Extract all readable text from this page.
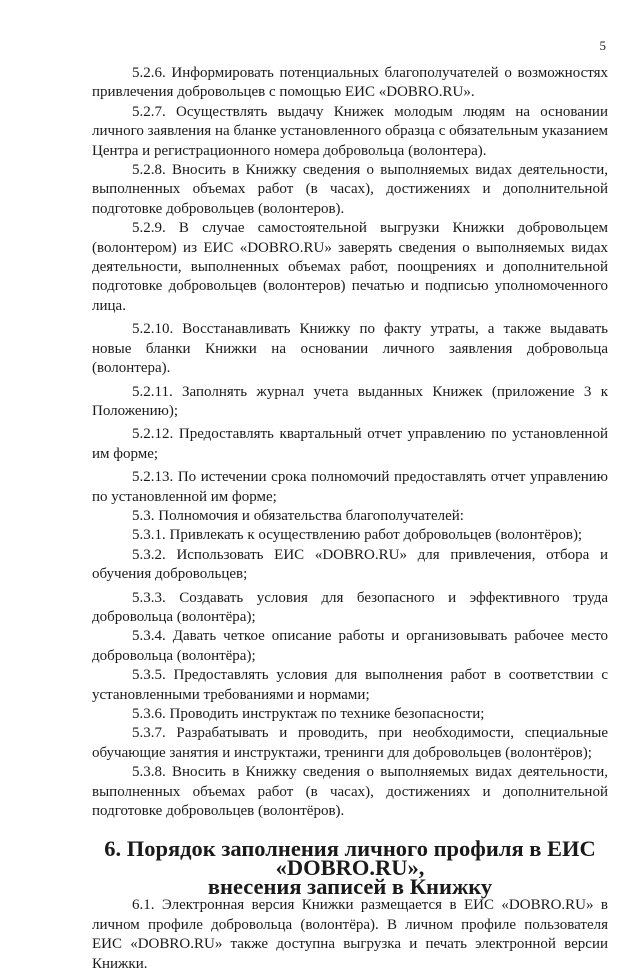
5

5.2.6. Информировать потенциальных благополучателей о возможностях привлечения добровольцев с помощью ЕИС «DOBRO.RU».

5.2.7. Осуществлять выдачу Книжек молодым людям на основании личного заявления на бланке установленного образца с обязательным указанием Центра и регистрационного номера добровольца (волонтера).

5.2.8. Вносить в Книжку сведения о выполняемых видах деятельности, выполненных объемах работ (в часах), достижениях и дополнительной подготовке добровольцев (волонтеров).

5.2.9. В случае самостоятельной выгрузки Книжки добровольцем (волонтером) из ЕИС «DOBRO.RU» заверять сведения о выполняемых видах деятельности, выполненных объемах работ, поощрениях и дополнительной подготовке добровольцев (волонтеров) печатью и подписью уполномоченного лица.

5.2.10. Восстанавливать Книжку по факту утраты, а также выдавать новые бланки Книжки на основании личного заявления добровольца (волонтера).

5.2.11. Заполнять журнал учета выданных Книжек (приложение 3 к Положению);

5.2.12. Предоставлять квартальный отчет управлению по установленной им форме;

5.2.13. По истечении срока полномочий предоставлять отчет управлению по установленной им форме;

5.3. Полномочия и обязательства благополучателей:

5.3.1. Привлекать к осуществлению работ добровольцев (волонтёров);

5.3.2. Использовать ЕИС «DOBRO.RU» для привлечения, отбора и обучения добровольцев;

5.3.3. Создавать условия для безопасного и эффективного труда добровольца (волонтёра);

5.3.4. Давать четкое описание работы и организовывать рабочее место добровольца (волонтёра);

5.3.5. Предоставлять условия для выполнения работ в соответствии с установленными требованиями и нормами;

5.3.6. Проводить инструктаж по технике безопасности;

5.3.7. Разрабатывать и проводить, при необходимости, специальные обучающие занятия и инструктажи, тренинги для добровольцев (волонтёров);

5.3.8. Вносить в Книжку сведения о выполняемых видах деятельности, выполненных объемах работ (в часах), достижениях и дополнительной подготовке добровольцев (волонтёров).

6. Порядок заполнения личного профиля в ЕИС «DOBRO.RU»,
внесения записей в Книжку

6.1. Электронная версия Книжки размещается в ЕИС «DOBRO.RU» в личном профиле добровольца (волонтёра). В личном профиле пользователя ЕИС «DOBRO.RU» также доступна выгрузка и печать электронной версии Книжки.
